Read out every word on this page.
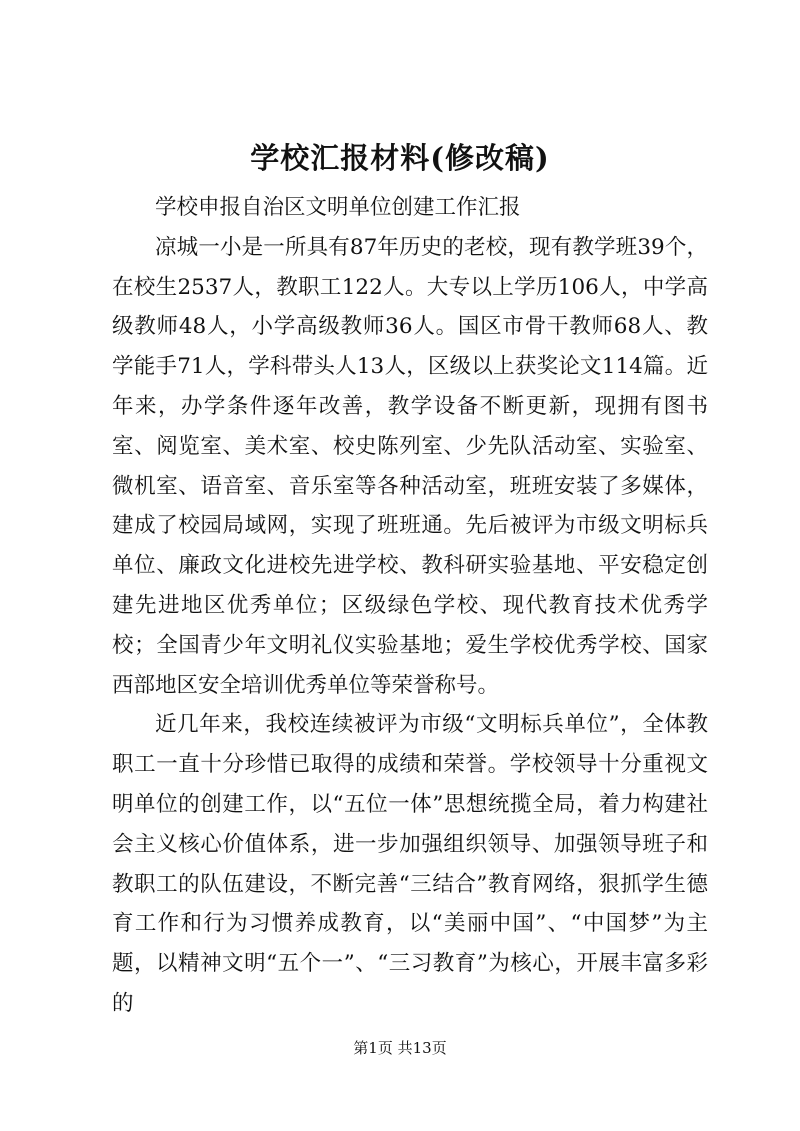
学校汇报材料(修改稿)

学校申报自治区文明单位创建工作汇报

凉城一小是一所具有87年历史的老校，现有教学班39个，在校生2537人，教职工122人。大专以上学历106人，中学高级教师48人，小学高级教师36人。国区市骨干教师68人、教学能手71人，学科带头人13人，区级以上获奖论文114篇。近年来，办学条件逐年改善，教学设备不断更新，现拥有图书室、阅览室、美术室、校史陈列室、少先队活动室、实验室、微机室、语音室、音乐室等各种活动室，班班安装了多媒体，建成了校园局域网，实现了班班通。先后被评为市级文明标兵单位、廉政文化进校先进学校、教科研实验基地、平安稳定创建先进地区优秀单位；区级绿色学校、现代教育技术优秀学校；全国青少年文明礼仪实验基地；爱生学校优秀学校、国家西部地区安全培训优秀单位等荣誉称号。

近几年来，我校连续被评为市级“文明标兵单位”，全体教职工一直十分珍惜已取得的成绩和荣誉。学校领导十分重视文明单位的创建工作，以“五位一体”思想统揽全局，着力构建社会主义核心价值体系，进一步加强组织领导、加强领导班子和教职工的队伍建设，不断完善“三结合”教育网络，狠抓学生德育工作和行为习惯养成教育，以“美丽中国”、“中国梦”为主题，以精神文明“五个一”、“三习教育”为核心，开展丰富多彩的

第1页 共13页
